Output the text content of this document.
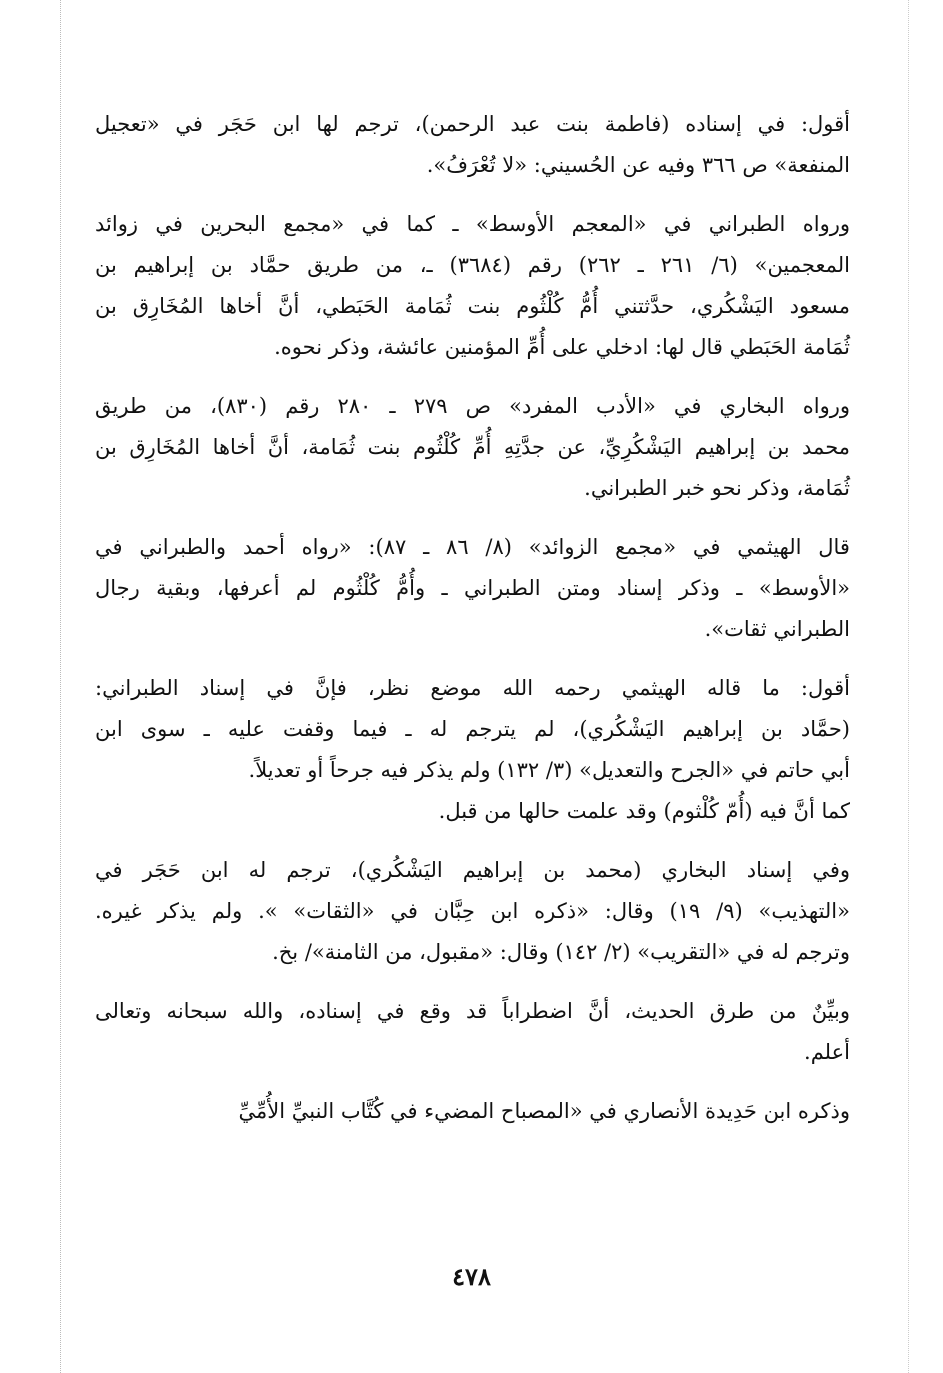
أقول: في إسناده (فاطمة بنت عبد الرحمن)، ترجم لها ابن حَجَر في «تعجيل
المنفعة» ص ٣٦٦ وفيه عن الحُسيني: «لا تُعْرَفُ».

ورواه الطبراني في «المعجم الأوسط» ـ كما في «مجمع البحرين في زوائد
المعجمين» (٦/ ٢٦١ ـ ٢٦٢) رقم (٣٦٨٤) ـ، من طريق حمَّاد بن إبراهيم بن
مسعود اليَشْكُري، حدَّثتني أُمُّ كُلْثُوم بنت ثُمَامة الحَبَطي، أنَّ أخاها المُخَارِق بن
ثُمَامة الحَبَطي قال لها: ادخلي على أُمِّ المؤمنين عائشة، وذكر نحوه.

ورواه البخاري في «الأدب المفرد» ص ٢٧٩ ـ ٢٨٠ رقم (٨٣٠)، من طريق
محمد بن إبراهيم اليَشْكُرِيِّ، عن جدَّتِهِ أُمِّ كُلْثُوم بنت ثُمَامة، أنَّ أخاها المُخَارِق بن
ثُمَامة، وذكر نحو خبر الطبراني.

قال الهيثمي في «مجمع الزوائد» (٨/ ٨٦ ـ ٨٧): «رواه أحمد والطبراني في
«الأوسط» ـ وذكر إسناد ومتن الطبراني ـ وأُمُّ كُلْثُوم لم أعرفها، وبقية رجال
الطبراني ثقات».

أقول: ما قاله الهيثمي رحمه الله موضع نظر، فإنَّ في إسناد الطبراني:
(حمَّاد بن إبراهيم اليَشْكُري)، لم يترجم له ـ فيما وقفت عليه ـ سوى ابن
أبي حاتم في «الجرح والتعديل» (٣/ ١٣٢) ولم يذكر فيه جرحاً أو تعديلاً.

كما أنَّ فيه (أُمّ كُلْثوم) وقد علمت حالها من قبل.

وفي إسناد البخاري (محمد بن إبراهيم اليَشْكُري)، ترجم له ابن حَجَر في
«التهذيب» (٩/ ١٩) وقال: «ذكره ابن حِبَّان في «الثقات» ». ولم يذكر غيره.
وترجم له في «التقريب» (٢/ ١٤٢) وقال: «مقبول، من الثامنة»/ بخ.

وبيِّنٌ من طرق الحديث، أنَّ اضطراباً قد وقع في إسناده، والله سبحانه وتعالى
أعلم.

وذكره ابن حَدِيدة الأنصاري في «المصباح المضيء في كُتَّاب النبيِّ الأُمِّيِّ

٤٧٨
